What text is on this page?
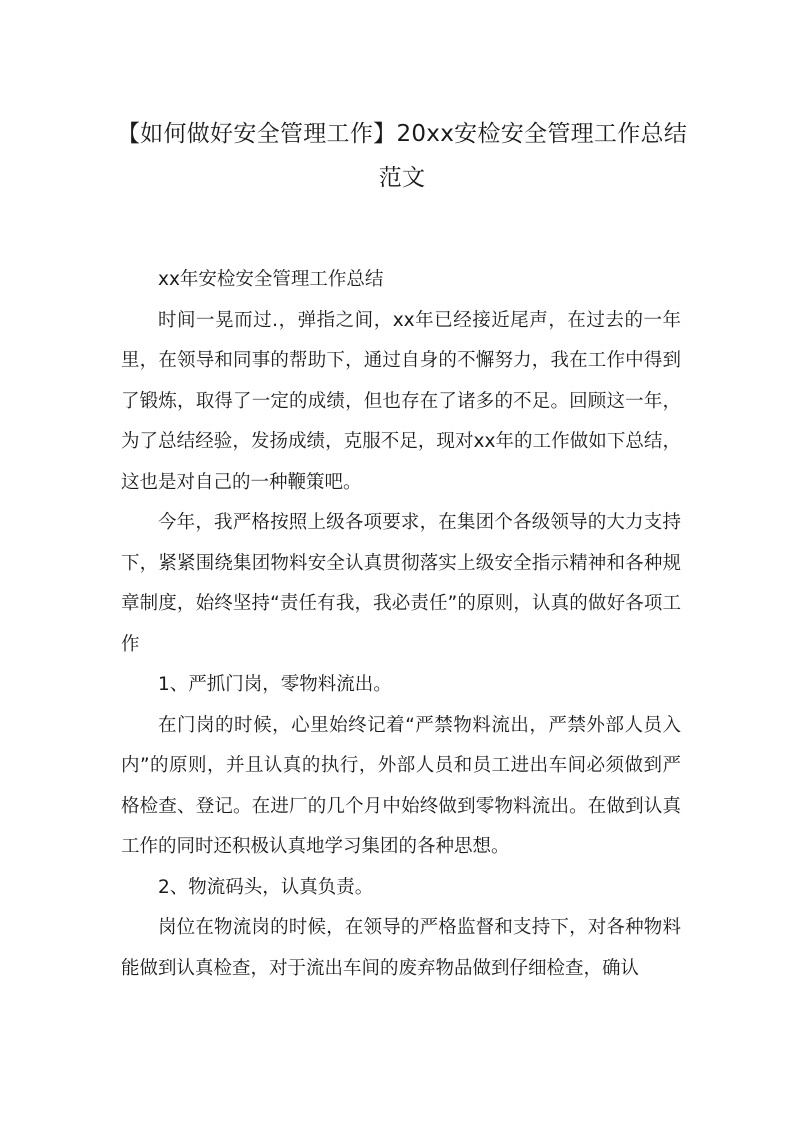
【如何做好安全管理工作】20xx安检安全管理工作总结范文

xx年安检安全管理工作总结

时间一晃而过.，弹指之间，xx年已经接近尾声，在过去的一年里，在领导和同事的帮助下，通过自身的不懈努力，我在工作中得到了锻炼，取得了一定的成绩，但也存在了诸多的不足。回顾这一年，为了总结经验，发扬成绩，克服不足，现对xx年的工作做如下总结，这也是对自己的一种鞭策吧。

今年，我严格按照上级各项要求，在集团个各级领导的大力支持下，紧紧围绕集团物料安全认真贯彻落实上级安全指示精神和各种规章制度，始终坚持“责任有我，我必责任”的原则，认真的做好各项工作

1、严抓门岗，零物料流出。

在门岗的时候，心里始终记着“严禁物料流出，严禁外部人员入内”的原则，并且认真的执行，外部人员和员工进出车间必须做到严格检查、登记。在进厂的几个月中始终做到零物料流出。在做到认真工作的同时还积极认真地学习集团的各种思想。

2、物流码头，认真负责。

岗位在物流岗的时候，在领导的严格监督和支持下，对各种物料能做到认真检查，对于流出车间的废弃物品做到仔细检查，确认
